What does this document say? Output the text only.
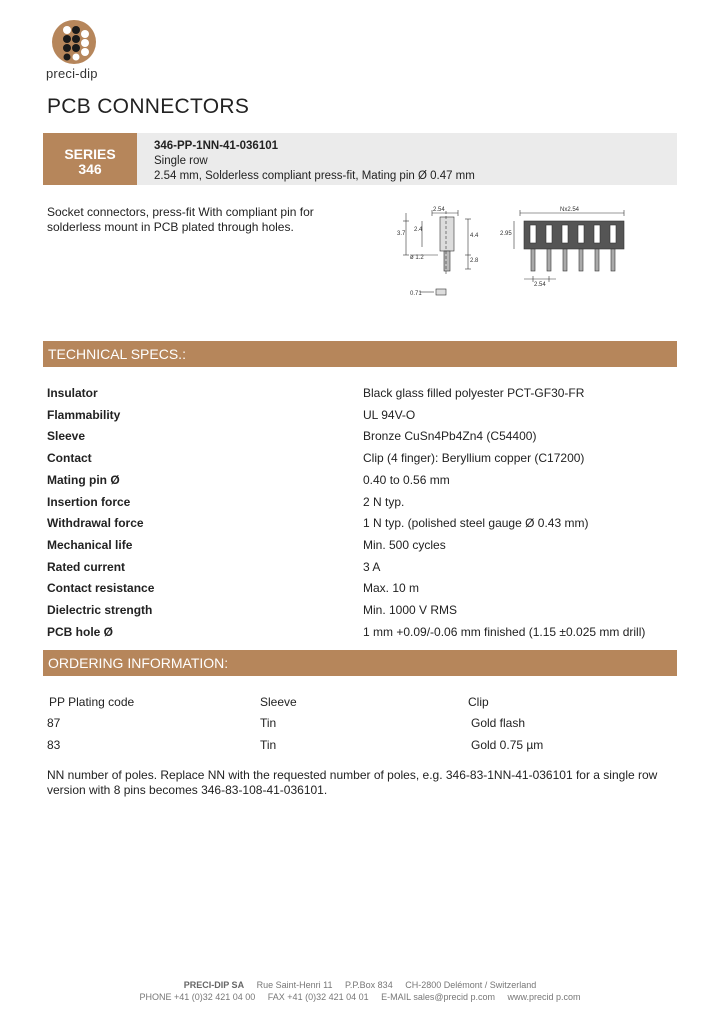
preci-dip
PCB CONNECTORS
SERIES
346
346-PP-1NN-41-036101
Single row
2.54 mm, Solderless compliant press-fit, Mating pin Ø 0.47 mm
Socket connectors, press-fit With compliant pin for solderless mount in PCB plated through holes.
2.54
3.7
2.4
4.4
ø 1.2	2.8
0.71
Nx2.54
2.95
2.54
TECHNICAL SPECS.:
Insulator	Black glass filled polyester PCT-GF30-FR
Flammability	UL 94V-O
Sleeve	Bronze CuSn4Pb4Zn4 (C54400)
Contact	Clip (4 finger): Beryllium copper (C17200)
Mating pin Ø	0.40 to 0.56 mm
Insertion force	2 N typ.
Withdrawal force	1 N typ. (polished steel gauge Ø 0.43 mm)
Mechanical life	Min. 500 cycles
Rated current	3 A
Contact resistance	Max. 10 m
Dielectric strength	Min. 1000 V RMS
PCB hole Ø	1 mm +0.09/-0.06 mm finished (1.15 ±0.025 mm drill)
ORDERING INFORMATION:
PP Plating code	Sleeve	Clip
87	Tin	Gold flash
83	Tin	Gold 0.75 µm
NN number of poles. Replace NN with the requested number of poles, e.g. 346-83-1NN-41-036101 for a single row version with 8 pins becomes 346-83-108-41-036101.
PRECI-DIP SA Rue Saint-Henri 11 P.P.Box 834 CH-2800 Delémont / Switzerland
PHONE +41 (0)32 421 04 00 FAX +41 (0)32 421 04 01 E-MAIL sales@precid p.com www.precid p.com
